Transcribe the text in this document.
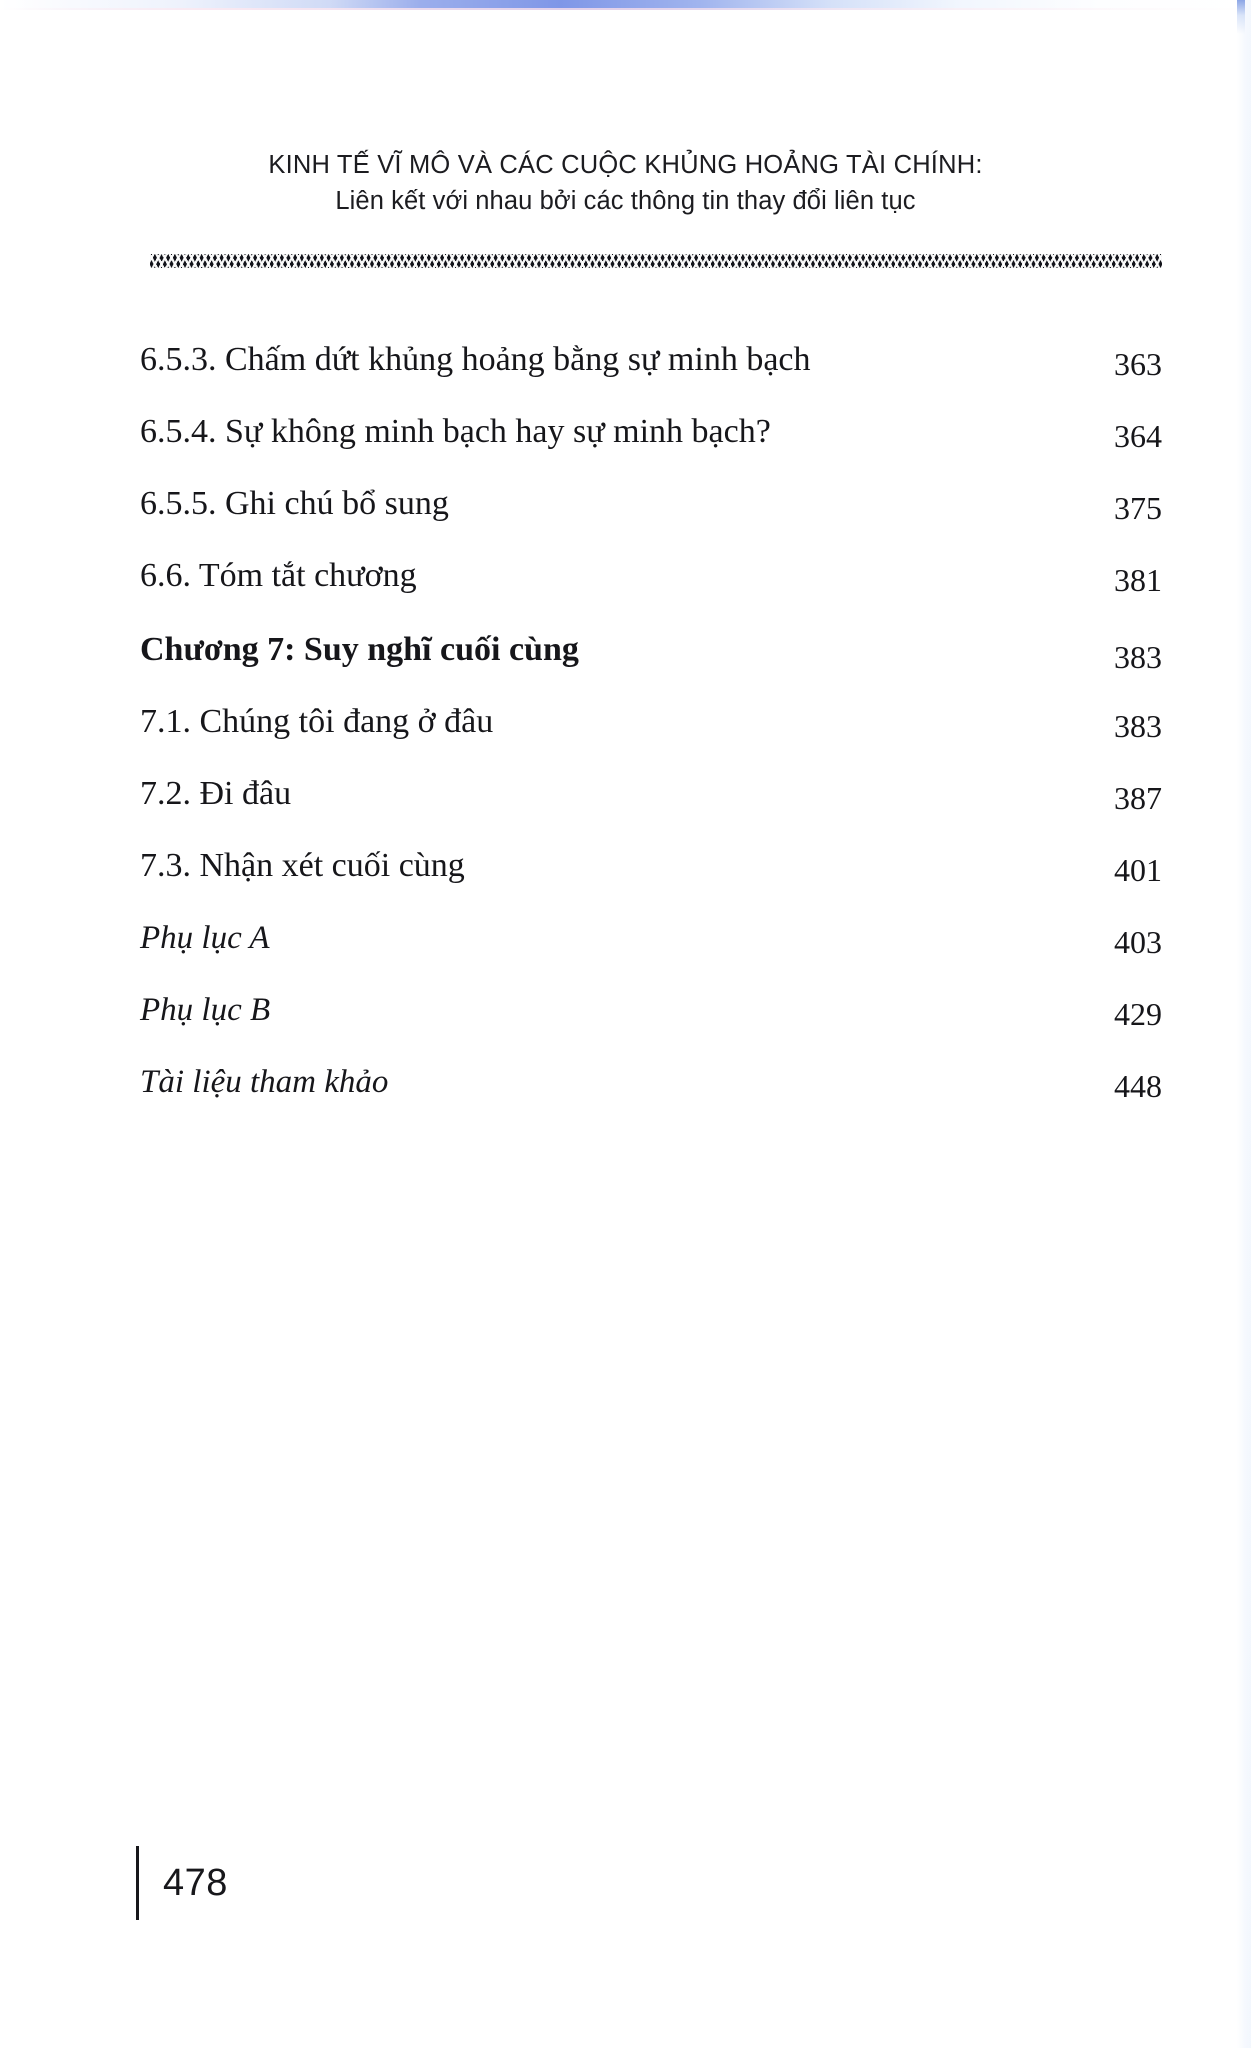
KINH TẾ VĨ MÔ VÀ CÁC CUỘC KHỦNG HOẢNG TÀI CHÍNH:
Liên kết với nhau bởi các thông tin thay đổi liên tục
6.5.3. Chấm dứt khủng hoảng bằng sự minh bạch	363
6.5.4. Sự không minh bạch hay sự minh bạch?	364
6.5.5. Ghi chú bổ sung	375
6.6. Tóm tắt chương	381
Chương 7: Suy nghĩ cuối cùng	383
7.1. Chúng tôi đang ở đâu	383
7.2. Đi đâu	387
7.3. Nhận xét cuối cùng	401
Phụ lục A	403
Phụ lục B	429
Tài liệu tham khảo	448
478
